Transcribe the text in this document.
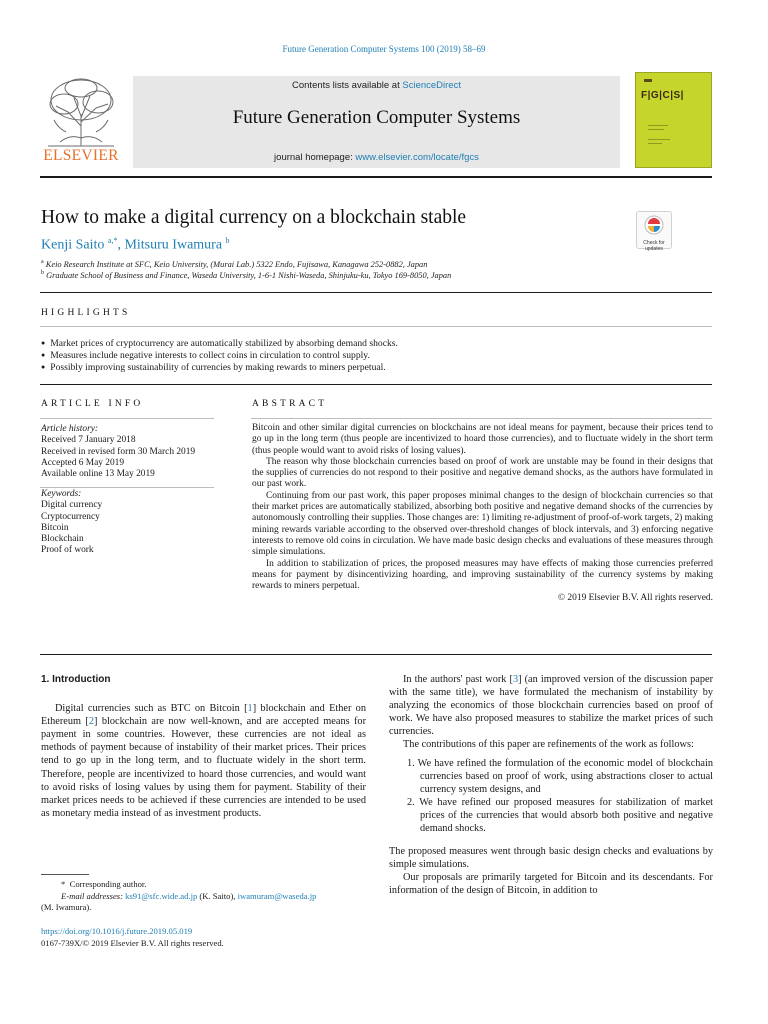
Future Generation Computer Systems 100 (2019) 58–69
ELSEVIER
Contents lists available at ScienceDirect
Future Generation Computer Systems
journal homepage: www.elsevier.com/locate/fgcs
F|G|C|S|
How to make a digital currency on a blockchain stable
Check for updates
Kenji Saito $^{a,*}$, Mitsuru Iwamura $^b$
$^a$ Keio Research Institute at SFC, Keio University, (Murai Lab.) 5322 Endo, Fujisawa, Kanagawa 252-0882, Japan
$^b$ Graduate School of Business and Finance, Waseda University, 1-6-1 Nishi-Waseda, Shinjuku-ku, Tokyo 169-8050, Japan
HIGHLIGHTS
● Market prices of cryptocurrency are automatically stabilized by absorbing demand shocks.
● Measures include negative interests to collect coins in circulation to control supply.
● Possibly improving sustainability of currencies by making rewards to miners perpetual.
ARTICLE INFO
Article history:
Received 7 January 2018
Received in revised form 30 March 2019
Accepted 6 May 2019
Available online 13 May 2019
Keywords:
Digital currency
Cryptocurrency
Bitcoin
Blockchain
Proof of work
ABSTRACT

Bitcoin and other similar digital currencies on blockchains are not ideal means for payment, because their prices tend to go up in the long term (thus people are incentivized to hoard those currencies), and to fluctuate widely in the short term (thus people would want to avoid risks of losing values).

The reason why those blockchain currencies based on proof of work are unstable may be found in their designs that the supplies of currencies do not respond to their positive and negative demand shocks, as the authors have formulated in our past work.

Continuing from our past work, this paper proposes minimal changes to the design of blockchain currencies so that their market prices are automatically stabilized, absorbing both positive and negative demand shocks of the currencies by autonomously controlling their supplies. Those changes are: 1) limiting re-adjustment of proof-of-work targets, 2) making mining rewards variable according to the observed over-threshold changes of block intervals, and 3) enforcing negative interests to remove old coins in circulation. We have made basic design checks and evaluations of these measures through simple simulations.

In addition to stabilization of prices, the proposed measures may have effects of making those currencies preferred means for payment by disincentivizing hoarding, and improving sustainability of the currency systems by making rewards to miners perpetual.

© 2019 Elsevier B.V. All rights reserved.

1. Introduction

Digital currencies such as BTC on Bitcoin [1] blockchain and Ether on Ethereum [2] blockchain are now well-known, and are accepted means for payment in some countries. However, these currencies are not ideal as methods of payment because of instability of their market prices. Their prices tend to go up in the long term, and to fluctuate widely in the short term. Therefore, people are incentivized to hoard those currencies, and would want to avoid risks of losing values by using them for payment. Stability of their market prices needs to be achieved if these currencies are intended to be used as monetary media instead of as investment products.

* Corresponding author.
E-mail addresses: ks91@sfc.wide.ad.jp (K. Saito), iwamuram@waseda.jp
(M. Iwamura).
https://doi.org/10.1016/j.future.2019.05.019
0167-739X/© 2019 Elsevier B.V. All rights reserved.

In the authors' past work [3] (an improved version of the discussion paper with the same title), we have formulated the mechanism of instability by analyzing the economics of those blockchain currencies based on proof of work. We have also proposed measures to stabilize the market prices of such currencies.

The contributions of this paper are refinements of the work as follows:

1. We have refined the formulation of the economic model of blockchain currencies based on proof of work, using abstractions closer to actual currency system designs, and
2. We have refined our proposed measures for stabilization of market prices of the currencies that would absorb both positive and negative demand shocks.

The proposed measures went through basic design checks and evaluations by simple simulations.

Our proposals are primarily targeted for Bitcoin and its descendants. For information of the design of Bitcoin, in addition to
